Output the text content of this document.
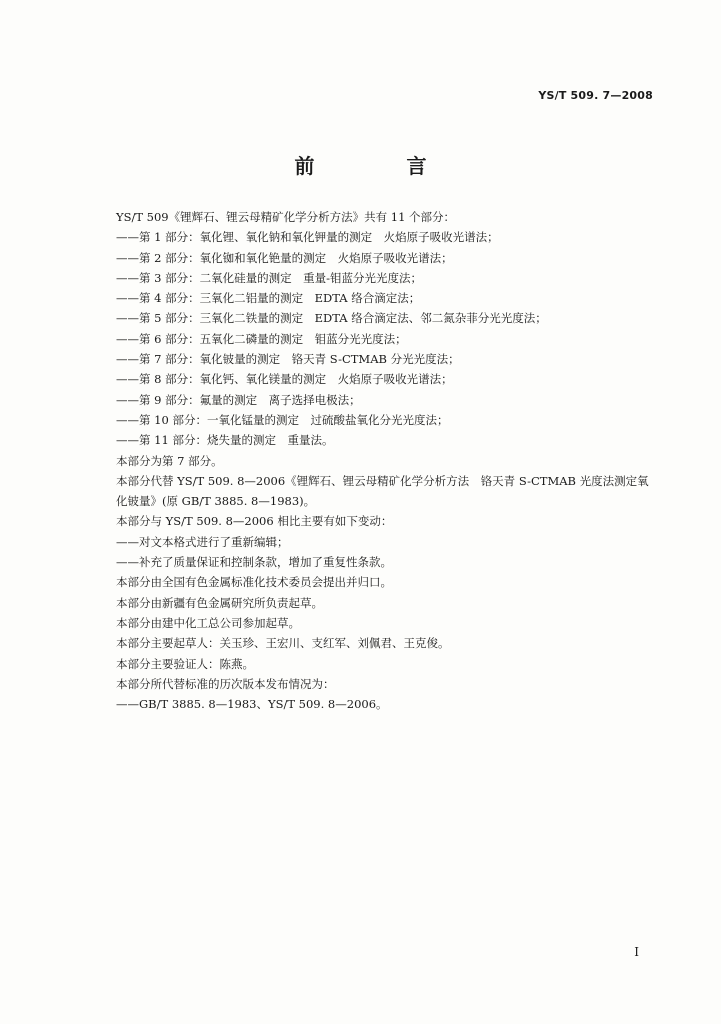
YS/T 509. 7—2008
前　言
YS/T 509《锂辉石、锂云母精矿化学分析方法》共有 11 个部分：
——第 1 部分：氧化锂、氧化钠和氧化钾量的测定　火焰原子吸收光谱法；
——第 2 部分：氧化铷和氧化铯量的测定　火焰原子吸收光谱法；
——第 3 部分：二氧化硅量的测定　重量-钼蓝分光光度法；
——第 4 部分：三氧化二铝量的测定　EDTA 络合滴定法；
——第 5 部分：三氧化二铁量的测定　EDTA 络合滴定法、邻二氮杂菲分光光度法；
——第 6 部分：五氧化二磷量的测定　钼蓝分光光度法；
——第 7 部分：氧化铍量的测定　铬天青 S-CTMAB 分光光度法；
——第 8 部分：氧化钙、氧化镁量的测定　火焰原子吸收光谱法；
——第 9 部分：氟量的测定　离子选择电极法；
——第 10 部分：一氧化锰量的测定　过硫酸盐氧化分光光度法；
——第 11 部分：烧失量的测定　重量法。
本部分为第 7 部分。
本部分代替 YS/T 509. 8—2006《锂辉石、锂云母精矿化学分析方法　铬天青 S-CTMAB 光度法测定氧化铍量》(原 GB/T 3885. 8—1983)。
本部分与 YS/T 509. 8—2006 相比主要有如下变动：
——对文本格式进行了重新编辑；
——补充了质量保证和控制条款，增加了重复性条款。
本部分由全国有色金属标准化技术委员会提出并归口。
本部分由新疆有色金属研究所负责起草。
本部分由建中化工总公司参加起草。
本部分主要起草人：关玉珍、王宏川、支红军、刘佩君、王克俊。
本部分主要验证人：陈燕。
本部分所代替标准的历次版本发布情况为：
——GB/T 3885. 8—1983、YS/T 509. 8—2006。
I
